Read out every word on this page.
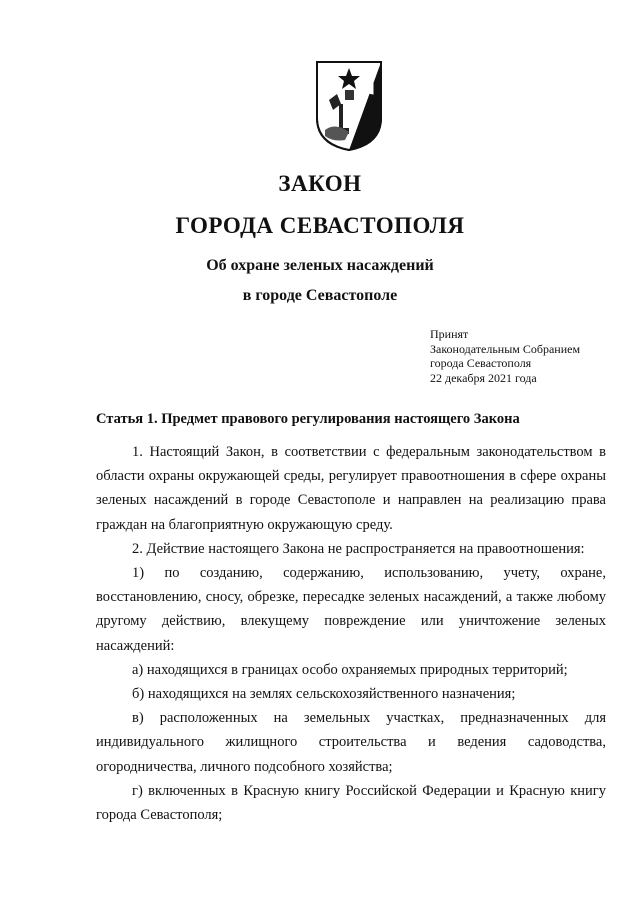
ЗАКОН
ГОРОДА СЕВАСТОПОЛЯ
Об охране зеленых насаждений
в городе Севастополе
Принят
Законодательным Собранием
города Севастополя
22 декабря 2021 года
Статья 1. Предмет правового регулирования настоящего Закона

1. Настоящий Закон, в соответствии с федеральным законодательством в области охраны окружающей среды, регулирует правоотношения в сфере охраны зеленых насаждений в городе Севастополе и направлен на реализацию права граждан на благоприятную окружающую среду.

2. Действие настоящего Закона не распространяется на правоотношения:

1) по созданию, содержанию, использованию, учету, охране, восстановлению, сносу, обрезке, пересадке зеленых насаждений, а также любому другому действию, влекущему повреждение или уничтожение зеленых насаждений:

а) находящихся в границах особо охраняемых природных территорий;

б) находящихся на землях сельскохозяйственного назначения;

в) расположенных на земельных участках, предназначенных для индивидуального жилищного строительства и ведения садоводства, огородничества, личного подсобного хозяйства;

г) включенных в Красную книгу Российской Федерации и Красную книгу города Севастополя;
